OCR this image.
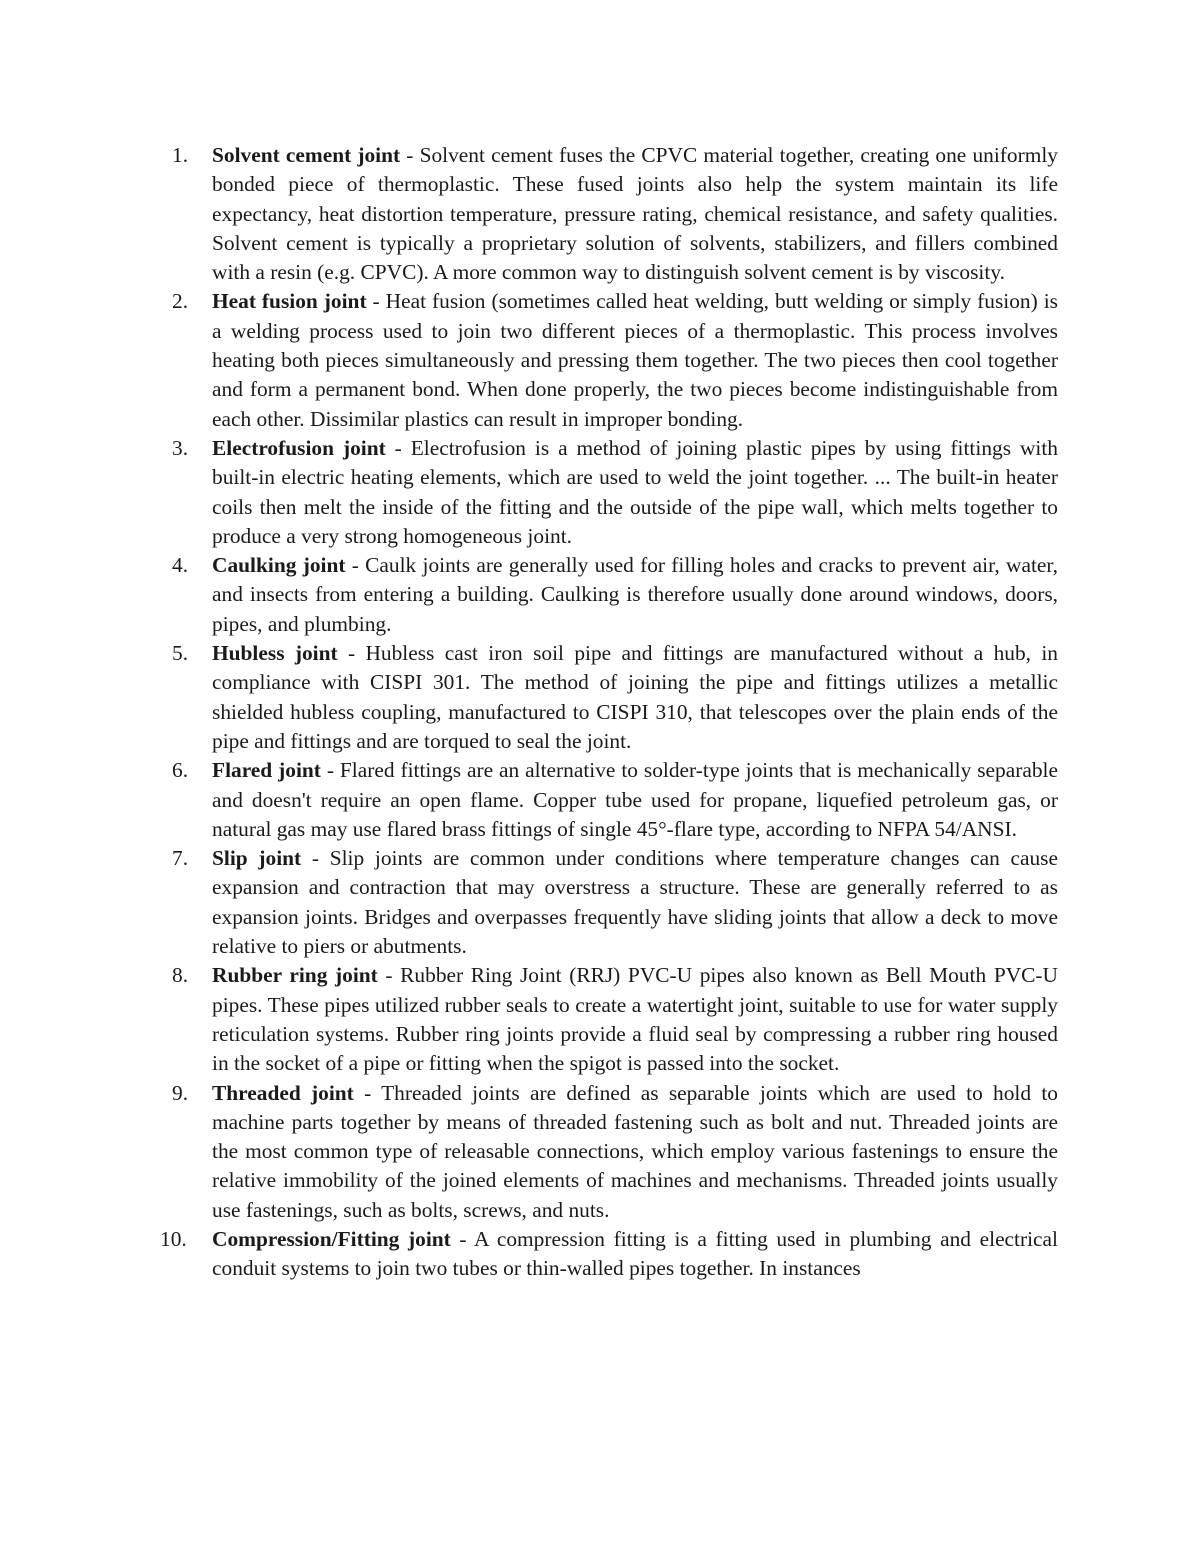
1.	Solvent cement joint - Solvent cement fuses the CPVC material together, creating one uniformly bonded piece of thermoplastic. These fused joints also help the system maintain its life expectancy, heat distortion temperature, pressure rating, chemical resistance, and safety qualities. Solvent cement is typically a proprietary solution of solvents, stabilizers, and fillers combined with a resin (e.g. CPVC). A more common way to distinguish solvent cement is by viscosity.
2.	Heat fusion joint - Heat fusion (sometimes called heat welding, butt welding or simply fusion) is a welding process used to join two different pieces of a thermoplastic. This process involves heating both pieces simultaneously and pressing them together. The two pieces then cool together and form a permanent bond. When done properly, the two pieces become indistinguishable from each other. Dissimilar plastics can result in improper bonding.
3.	Electrofusion joint - Electrofusion is a method of joining plastic pipes by using fittings with built-in electric heating elements, which are used to weld the joint together. ... The built-in heater coils then melt the inside of the fitting and the outside of the pipe wall, which melts together to produce a very strong homogeneous joint.
4.	Caulking joint - Caulk joints are generally used for filling holes and cracks to prevent air, water, and insects from entering a building. Caulking is therefore usually done around windows, doors, pipes, and plumbing.
5.	Hubless joint - Hubless cast iron soil pipe and fittings are manufactured without a hub, in compliance with CISPI 301. The method of joining the pipe and fittings utilizes a metallic shielded hubless coupling, manufactured to CISPI 310, that telescopes over the plain ends of the pipe and fittings and are torqued to seal the joint.
6.	Flared joint - Flared fittings are an alternative to solder-type joints that is mechanically separable and doesn't require an open flame. Copper tube used for propane, liquefied petroleum gas, or natural gas may use flared brass fittings of single 45°-flare type, according to NFPA 54/ANSI.
7.	Slip joint - Slip joints are common under conditions where temperature changes can cause expansion and contraction that may overstress a structure. These are generally referred to as expansion joints. Bridges and overpasses frequently have sliding joints that allow a deck to move relative to piers or abutments.
8.	Rubber ring joint - Rubber Ring Joint (RRJ) PVC-U pipes also known as Bell Mouth PVC-U pipes. These pipes utilized rubber seals to create a watertight joint, suitable to use for water supply reticulation systems. Rubber ring joints provide a fluid seal by compressing a rubber ring housed in the socket of a pipe or fitting when the spigot is passed into the socket.
9.	Threaded joint - Threaded joints are defined as separable joints which are used to hold to machine parts together by means of threaded fastening such as bolt and nut. Threaded joints are the most common type of releasable connections, which employ various fastenings to ensure the relative immobility of the joined elements of machines and mechanisms. Threaded joints usually use fastenings, such as bolts, screws, and nuts.
10.	Compression/Fitting joint - A compression fitting is a fitting used in plumbing and electrical conduit systems to join two tubes or thin-walled pipes together. In instances
